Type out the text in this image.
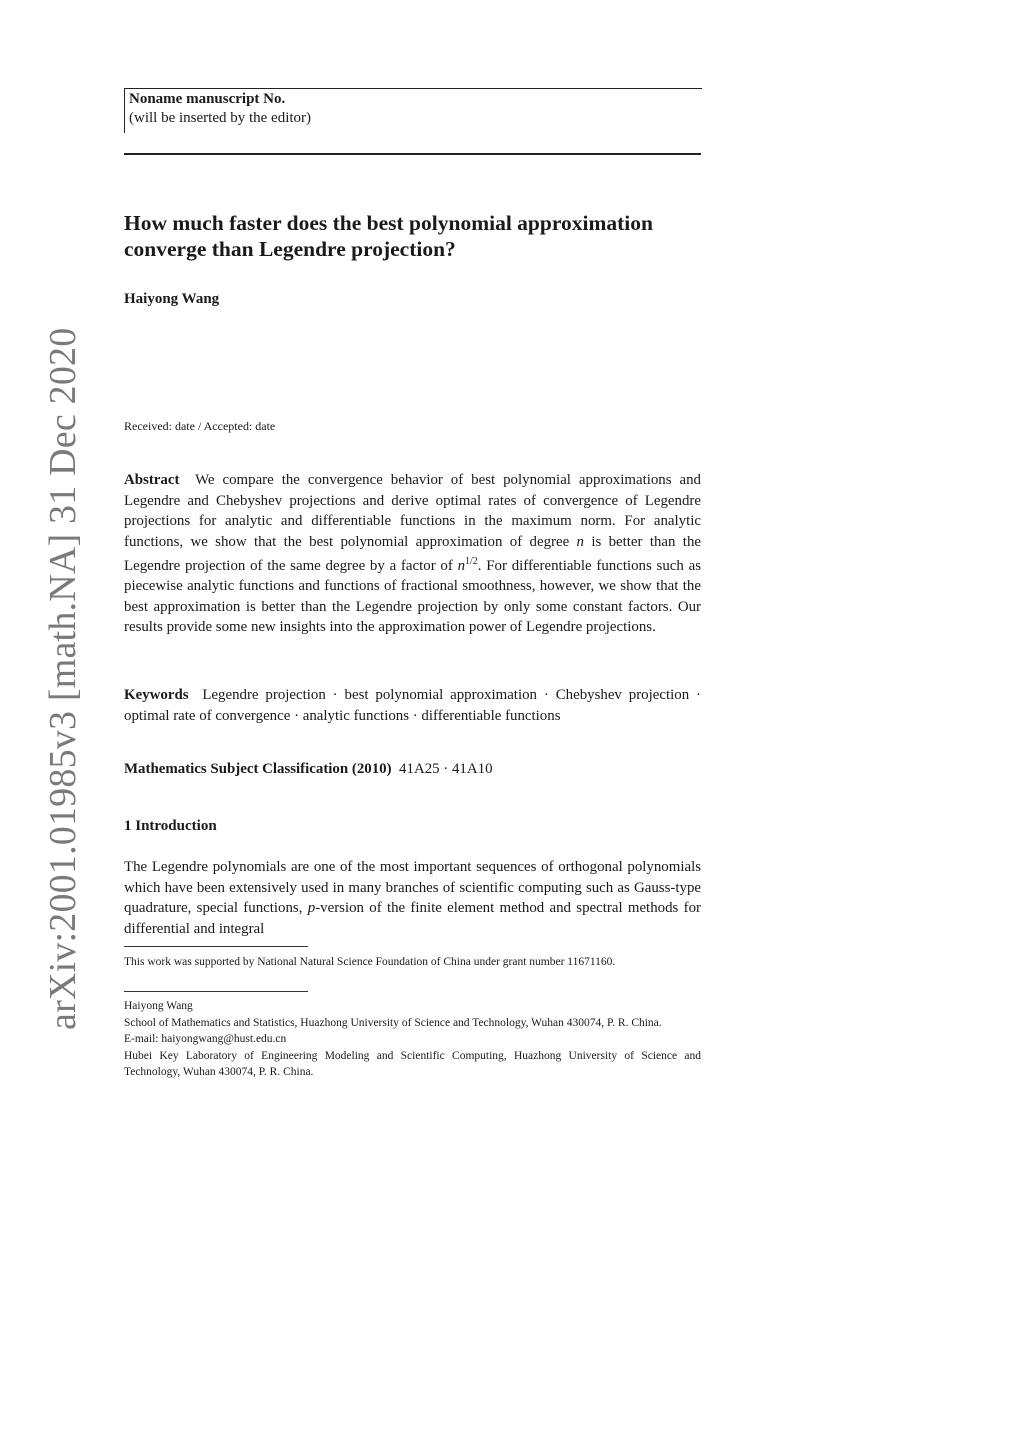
arXiv:2001.01985v3 [math.NA] 31 Dec 2020
Noname manuscript No.
(will be inserted by the editor)
How much faster does the best polynomial approximation converge than Legendre projection?
Haiyong Wang
Received: date / Accepted: date
Abstract We compare the convergence behavior of best polynomial approximations and Legendre and Chebyshev projections and derive optimal rates of convergence of Legendre projections for analytic and differentiable functions in the maximum norm. For analytic functions, we show that the best polynomial approximation of degree n is better than the Legendre projection of the same degree by a factor of $n^{1/2}$. For differentiable functions such as piecewise analytic functions and functions of fractional smoothness, however, we show that the best approximation is better than the Legendre projection by only some constant factors. Our results provide some new insights into the approximation power of Legendre projections.
Keywords Legendre projection · best polynomial approximation · Chebyshev projection · optimal rate of convergence · analytic functions · differentiable functions
Mathematics Subject Classification (2010) 41A25 · 41A10
1 Introduction
The Legendre polynomials are one of the most important sequences of orthogonal polynomials which have been extensively used in many branches of scientific computing such as Gauss-type quadrature, special functions, p-version of the finite element method and spectral methods for differential and integral
This work was supported by National Natural Science Foundation of China under grant number 11671160.
Haiyong Wang
School of Mathematics and Statistics, Huazhong University of Science and Technology, Wuhan 430074, P. R. China.
E-mail: haiyongwang@hust.edu.cn
Hubei Key Laboratory of Engineering Modeling and Scientific Computing, Huazhong University of Science and Technology, Wuhan 430074, P. R. China.
